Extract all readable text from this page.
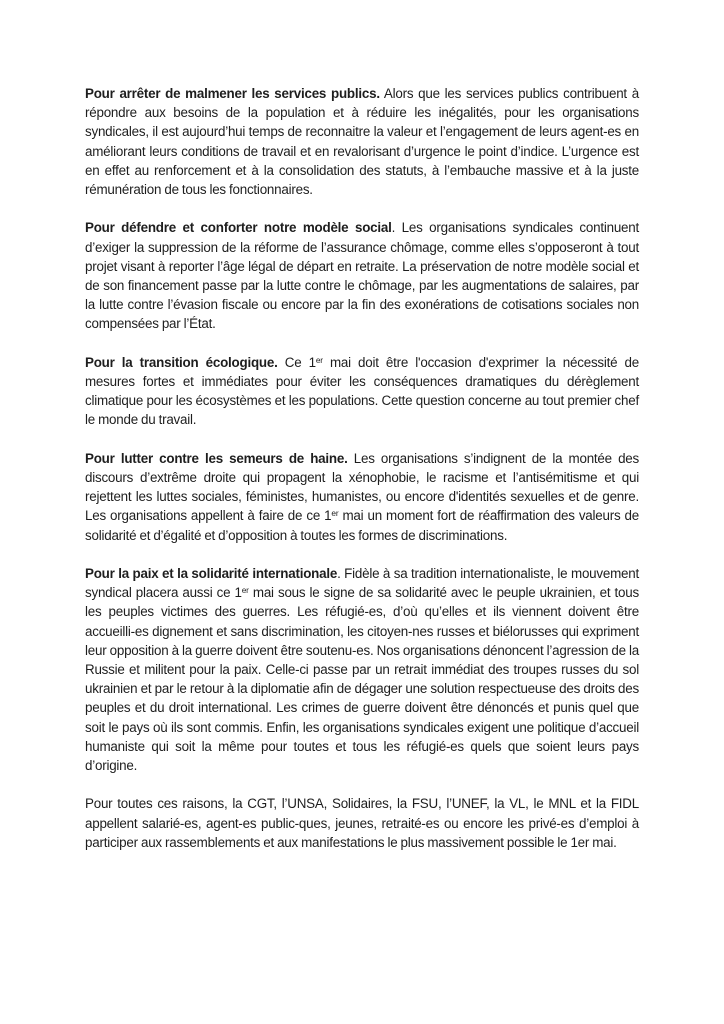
Pour arrêter de malmener les services publics. Alors que les services publics contribuent à répondre aux besoins de la population et à réduire les inégalités, pour les organisations syndicales, il est aujourd’hui temps de reconnaitre la valeur et l’engagement de leurs agent-es en améliorant leurs conditions de travail et en revalorisant d’urgence le point d’indice. L’urgence est en effet au renforcement et à la consolidation des statuts, à l’embauche massive et à la juste rémunération de tous les fonctionnaires.

Pour défendre et conforter notre modèle social. Les organisations syndicales continuent d’exiger la suppression de la réforme de l’assurance chômage, comme elles s’opposeront à tout projet visant à reporter l’âge légal de départ en retraite. La préservation de notre modèle social et de son financement passe par la lutte contre le chômage, par les augmentations de salaires, par la lutte contre l’évasion fiscale ou encore par la fin des exonérations de cotisations sociales non compensées par l’État.

Pour la transition écologique. Ce 1er mai doit être l'occasion d'exprimer la nécessité de mesures fortes et immédiates pour éviter les conséquences dramatiques du dérèglement climatique pour les écosystèmes et les populations. Cette question concerne au tout premier chef le monde du travail.

Pour lutter contre les semeurs de haine. Les organisations s’indignent de la montée des discours d’extrême droite qui propagent la xénophobie, le racisme et l’antisémitisme et qui rejettent les luttes sociales, féministes, humanistes, ou encore d'identités sexuelles et de genre. Les organisations appellent à faire de ce 1er mai un moment fort de réaffirmation des valeurs de solidarité et d’égalité et d’opposition à toutes les formes de discriminations.

Pour la paix et la solidarité internationale. Fidèle à sa tradition internationaliste, le mouvement syndical placera aussi ce 1er mai sous le signe de sa solidarité avec le peuple ukrainien, et tous les peuples victimes des guerres. Les réfugié-es, d’où qu’elles et ils viennent doivent être accueilli-es dignement et sans discrimination, les citoyen-nes russes et biélorusses qui expriment leur opposition à la guerre doivent être soutenu-es. Nos organisations dénoncent l’agression de la Russie et militent pour la paix. Celle-ci passe par un retrait immédiat des troupes russes du sol ukrainien et par le retour à la diplomatie afin de dégager une solution respectueuse des droits des peuples et du droit international. Les crimes de guerre doivent être dénoncés et punis quel que soit le pays où ils sont commis. Enfin, les organisations syndicales exigent une politique d’accueil humaniste qui soit la même pour toutes et tous les réfugié-es quels que soient leurs pays d’origine.

Pour toutes ces raisons, la CGT, l’UNSA, Solidaires, la FSU, l’UNEF, la VL, le MNL et la FIDL appellent salarié-es, agent-es public-ques, jeunes, retraité-es ou encore les privé-es d’emploi à participer aux rassemblements et aux manifestations le plus massivement possible le 1er mai.
